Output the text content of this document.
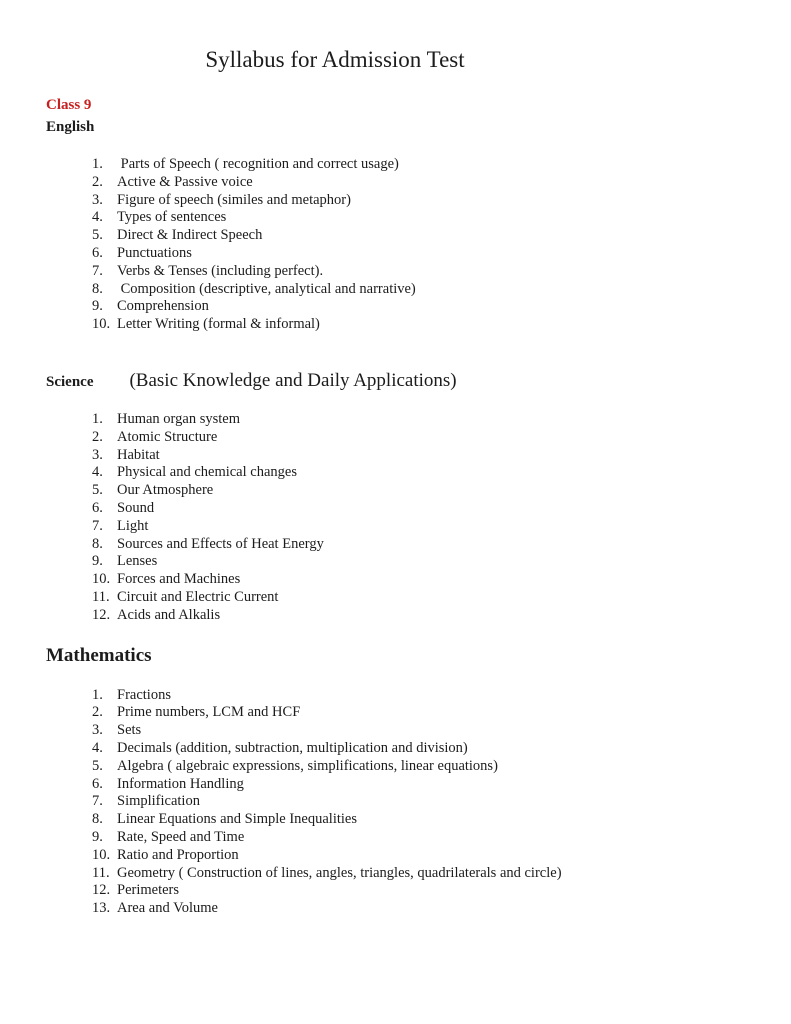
Syllabus for Admission Test
Class 9
English
Parts of Speech ( recognition and correct usage)
Active & Passive voice
Figure of speech (similes and metaphor)
Types of sentences
Direct & Indirect Speech
Punctuations
Verbs & Tenses (including perfect).
Composition (descriptive, analytical and narrative)
Comprehension
Letter Writing (formal & informal)
Science (Basic Knowledge and Daily Applications)
Human organ system
Atomic Structure
Habitat
Physical and chemical changes
Our Atmosphere
Sound
Light
Sources and Effects of Heat Energy
Lenses
Forces and Machines
Circuit and Electric Current
Acids and Alkalis
Mathematics
Fractions
Prime numbers, LCM and HCF
Sets
Decimals (addition, subtraction, multiplication and division)
Algebra ( algebraic expressions, simplifications, linear equations)
Information Handling
Simplification
Linear Equations and Simple Inequalities
Rate, Speed and Time
Ratio and Proportion
Geometry ( Construction of lines, angles, triangles, quadrilaterals and circle)
Perimeters
Area and Volume
